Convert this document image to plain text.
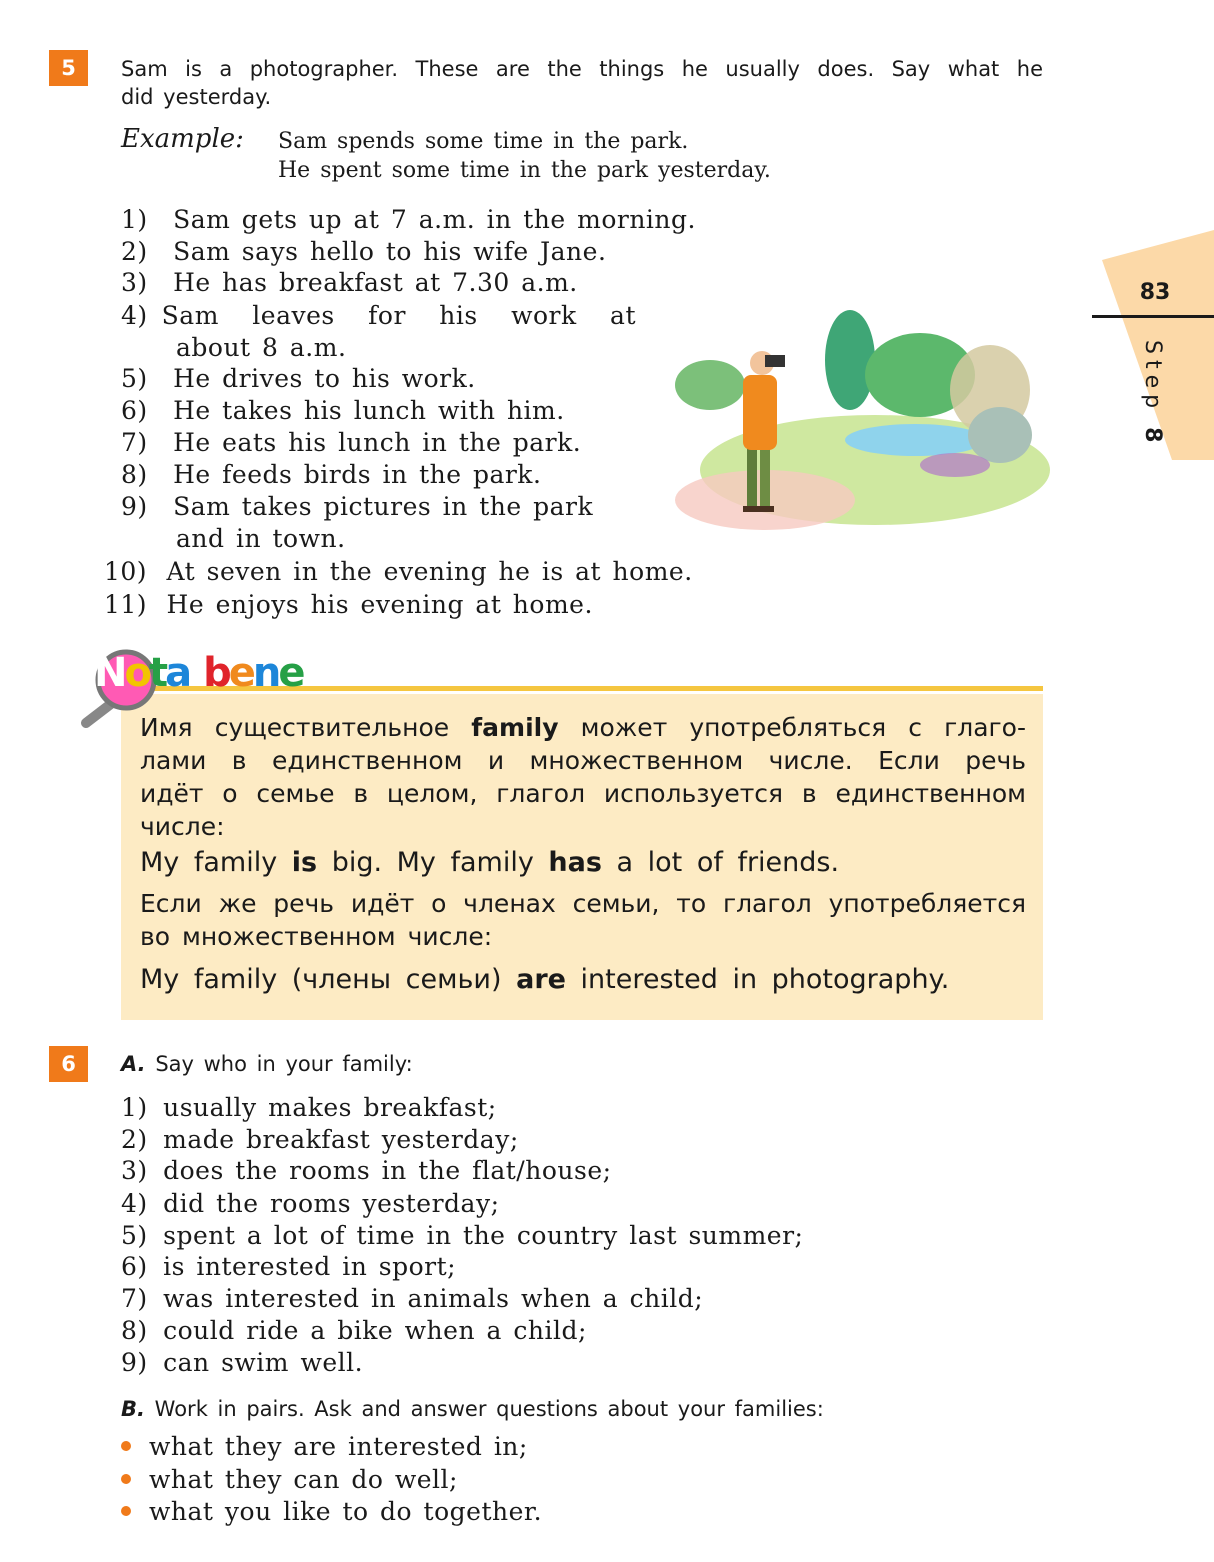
83
Step 8
5	Sam is a photographer. These are the things he usually does. Say what he
did yesterday.
Example: Sam spends some time in the park.
He spent some time in the park yesterday.
1) Sam gets up at 7 a.m. in the morning.
2) Sam says hello to his wife Jane.
3) He has breakfast at 7.30 a.m.
4) Sam leaves for his work at
about 8 a.m.
5) He drives to his work.
6) He takes his lunch with him.
7) He eats his lunch in the park.
8) He feeds birds in the park.
9) Sam takes pictures in the park
and in town.
10) At seven in the evening he is at home.
11) He enjoys his evening at home.
Nota bene
Имя существительное family может употребляться с глаго-
лами в единственном и множественном числе. Если речь
идёт о семье в целом, глагол используется в единственном
числе:
My family is big. My family has a lot of friends.
Если же речь идёт о членах семьи, то глагол употребляется
во множественном числе:
My family (члены семьи) are interested in photography.
6	A. Say who in your family:
1) usually makes breakfast;
2) made breakfast yesterday;
3) does the rooms in the flat/house;
4) did the rooms yesterday;
5) spent a lot of time in the country last summer;
6) is interested in sport;
7) was interested in animals when a child;
8) could ride a bike when a child;
9) can swim well.
B. Work in pairs. Ask and answer questions about your families:
what they are interested in;
what they can do well;
what you like to do together.
